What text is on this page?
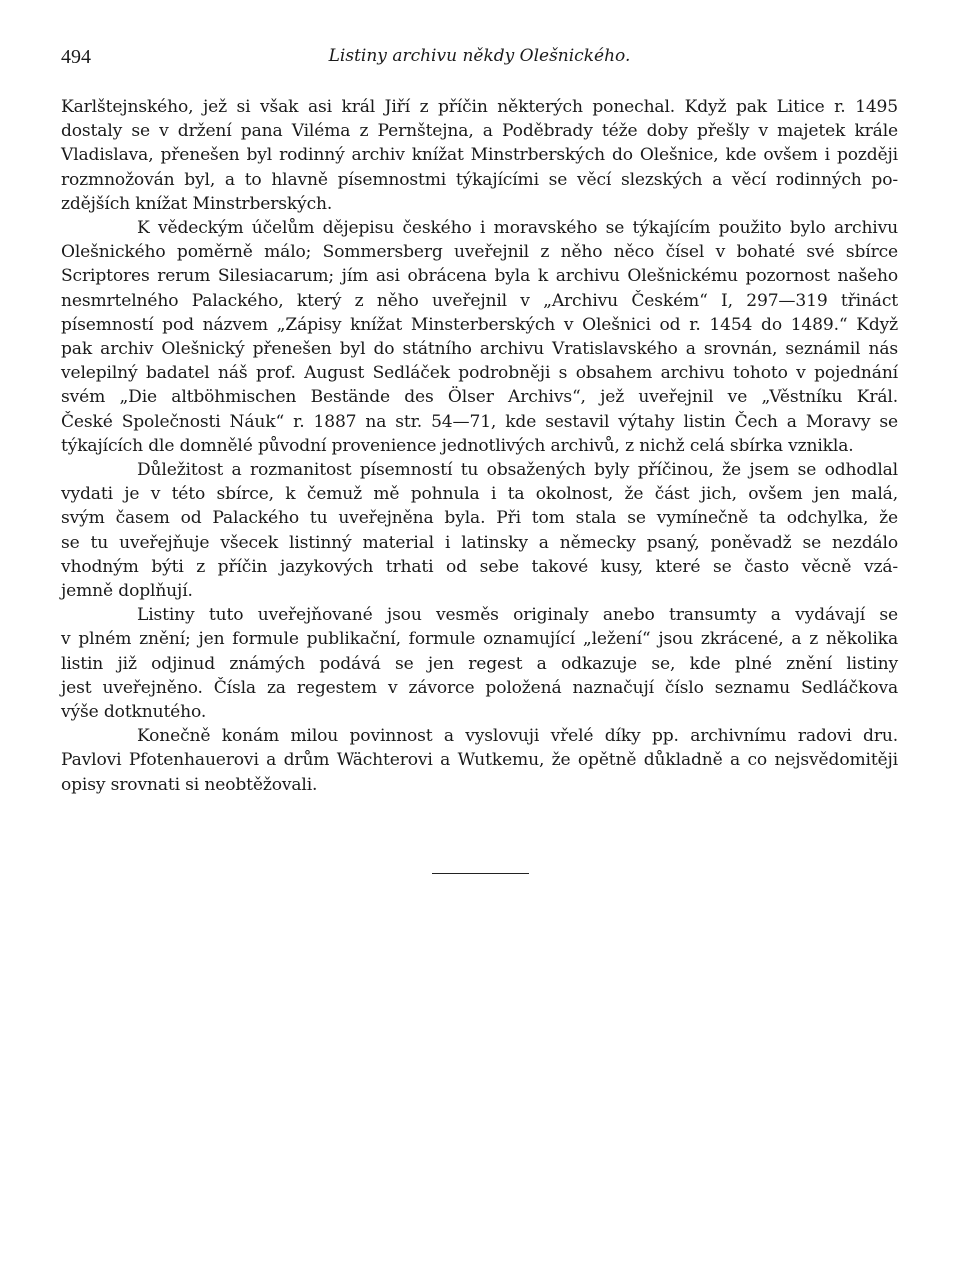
494	Listiny archivu někdy Olešnického.
Karlštejnského, jež si však asi král Jiří z příčin některých ponechal. Když pak Litice r. 1495
dostaly se v držení pana Viléma z Pernštejna, a Poděbrady téže doby přešly v majetek krále
Vladislava, přenešen byl rodinný archiv knížat Minstrberských do Olešnice, kde ovšem i později
rozmnožován byl, a to hlavně písemnostmi týkajícími se věcí slezských a věcí rodinných po-
zdějších knížat Minstrberských.
K vědeckým účelům dějepisu českého i moravského se týkajícím použito bylo archivu
Olešnického poměrně málo; Sommersberg uveřejnil z něho něco čísel v bohaté své sbírce
Scriptores rerum Silesiacarum; jím asi obrácena byla k archivu Olešnickému pozornost našeho
nesmrtelného Palackého, který z něho uveřejnil v „Archivu Českém“ I, 297—319 třináct
písemností pod názvem „Zápisy knížat Minsterberských v Olešnici od r. 1454 do 1489.“ Když
pak archiv Olešnický přenešen byl do státního archivu Vratislavského a srovnán, seznámil nás
velepilný badatel náš prof. August Sedláček podrobněji s obsahem archivu tohoto v pojednání
svém „Die altböhmischen Bestände des Ölser Archivs“, jež uveřejnil ve „Věstníku Král.
České Společnosti Náuk“ r. 1887 na str. 54—71, kde sestavil výtahy listin Čech a Moravy se
týkajících dle domnělé původní provenience jednotlivých archivů, z nichž celá sbírka vznikla.
Důležitost a rozmanitost písemností tu obsažených byly příčinou, že jsem se odhodlal
vydati je v této sbírce, k čemuž mě pohnula i ta okolnost, že část jich, ovšem jen malá,
svým časem od Palackého tu uveřejněna byla. Při tom stala se vymínečně ta odchylka, že
se tu uveřejňuje všecek listinný material i latinsky a německy psaný, poněvadž se nezdálo
vhodným býti z příčin jazykových trhati od sebe takové kusy, které se často věcně vzá-
jemně doplňují.
Listiny tuto uveřejňované jsou vesměs originaly anebo transumty a vydávají se
v plném znění; jen formule publikační, formule oznamující „ležení“ jsou zkrácené, a z několika
listin již odjinud známých podává se jen regest a odkazuje se, kde plné znění listiny
jest uveřejněno. Čísla za regestem v závorce položená naznačují číslo seznamu Sedláčkova
výše dotknutého.
Konečně konám milou povinnost a vyslovuji vřelé díky pp. archivnímu radovi dru.
Pavlovi Pfotenhauerovi a drům Wächterovi a Wutkemu, že opětně důkladně a co nejsvědomitěji
opisy srovnati si neobtěžovali.
